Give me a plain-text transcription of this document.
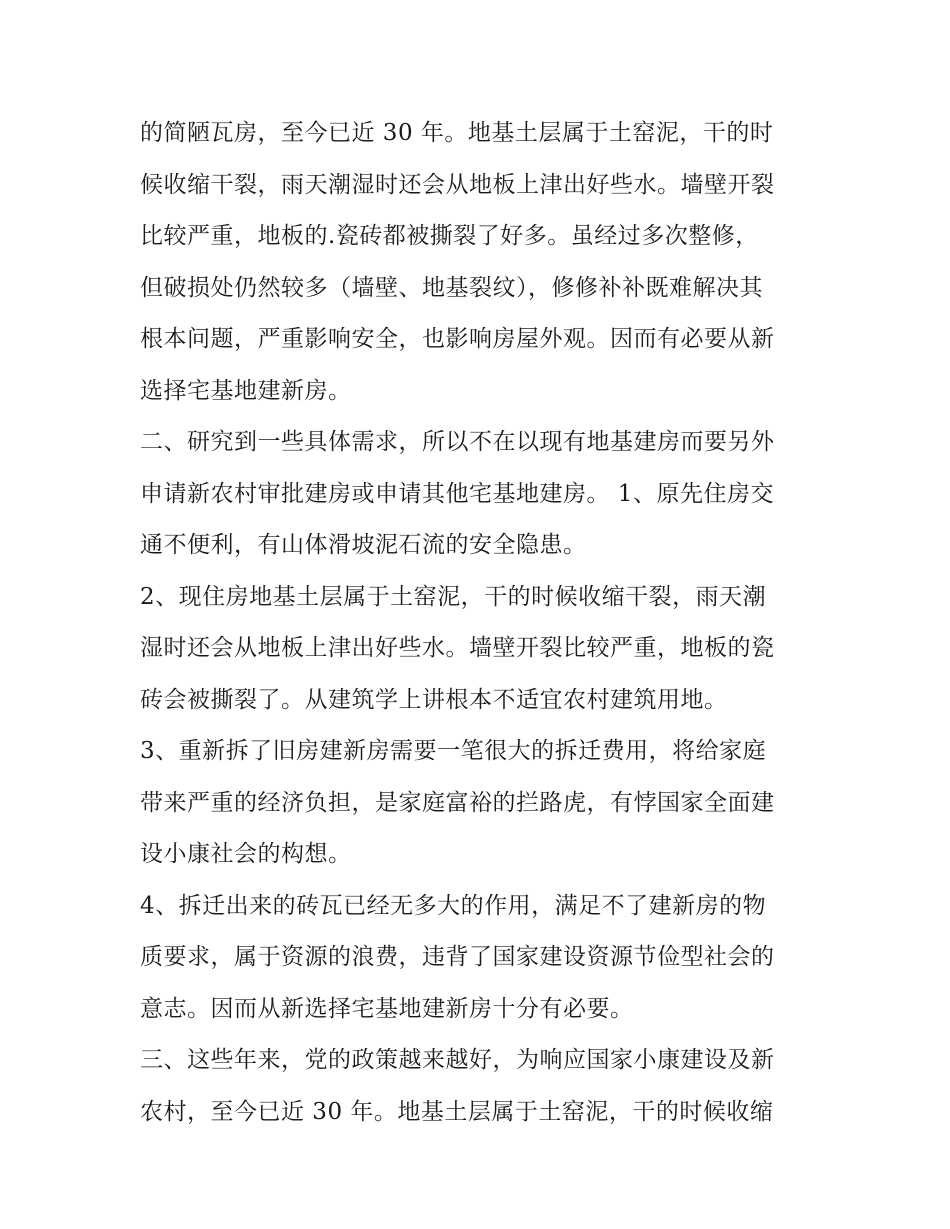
的简陋瓦房，至今已近 30 年。地基土层属于土窑泥，干的时
候收缩干裂，雨天潮湿时还会从地板上津出好些水。墙壁开裂
比较严重，地板的.瓷砖都被撕裂了好多。虽经过多次整修，
但破损处仍然较多（墙壁、地基裂纹），修修补补既难解决其
根本问题，严重影响安全，也影响房屋外观。因而有必要从新
选择宅基地建新房。
二、研究到一些具体需求，所以不在以现有地基建房而要另外
申请新农村审批建房或申请其他宅基地建房。 1、原先住房交
通不便利，有山体滑坡泥石流的安全隐患。
2、现住房地基土层属于土窑泥，干的时候收缩干裂，雨天潮
湿时还会从地板上津出好些水。墙壁开裂比较严重，地板的瓷
砖会被撕裂了。从建筑学上讲根本不适宜农村建筑用地。
3、重新拆了旧房建新房需要一笔很大的拆迁费用，将给家庭
带来严重的经济负担，是家庭富裕的拦路虎，有悖国家全面建
设小康社会的构想。
4、拆迁出来的砖瓦已经无多大的作用，满足不了建新房的物
质要求，属于资源的浪费，违背了国家建设资源节俭型社会的
意志。因而从新选择宅基地建新房十分有必要。
三、这些年来，党的政策越来越好，为响应国家小康建设及新
农村，至今已近 30 年。地基土层属于土窑泥，干的时候收缩
